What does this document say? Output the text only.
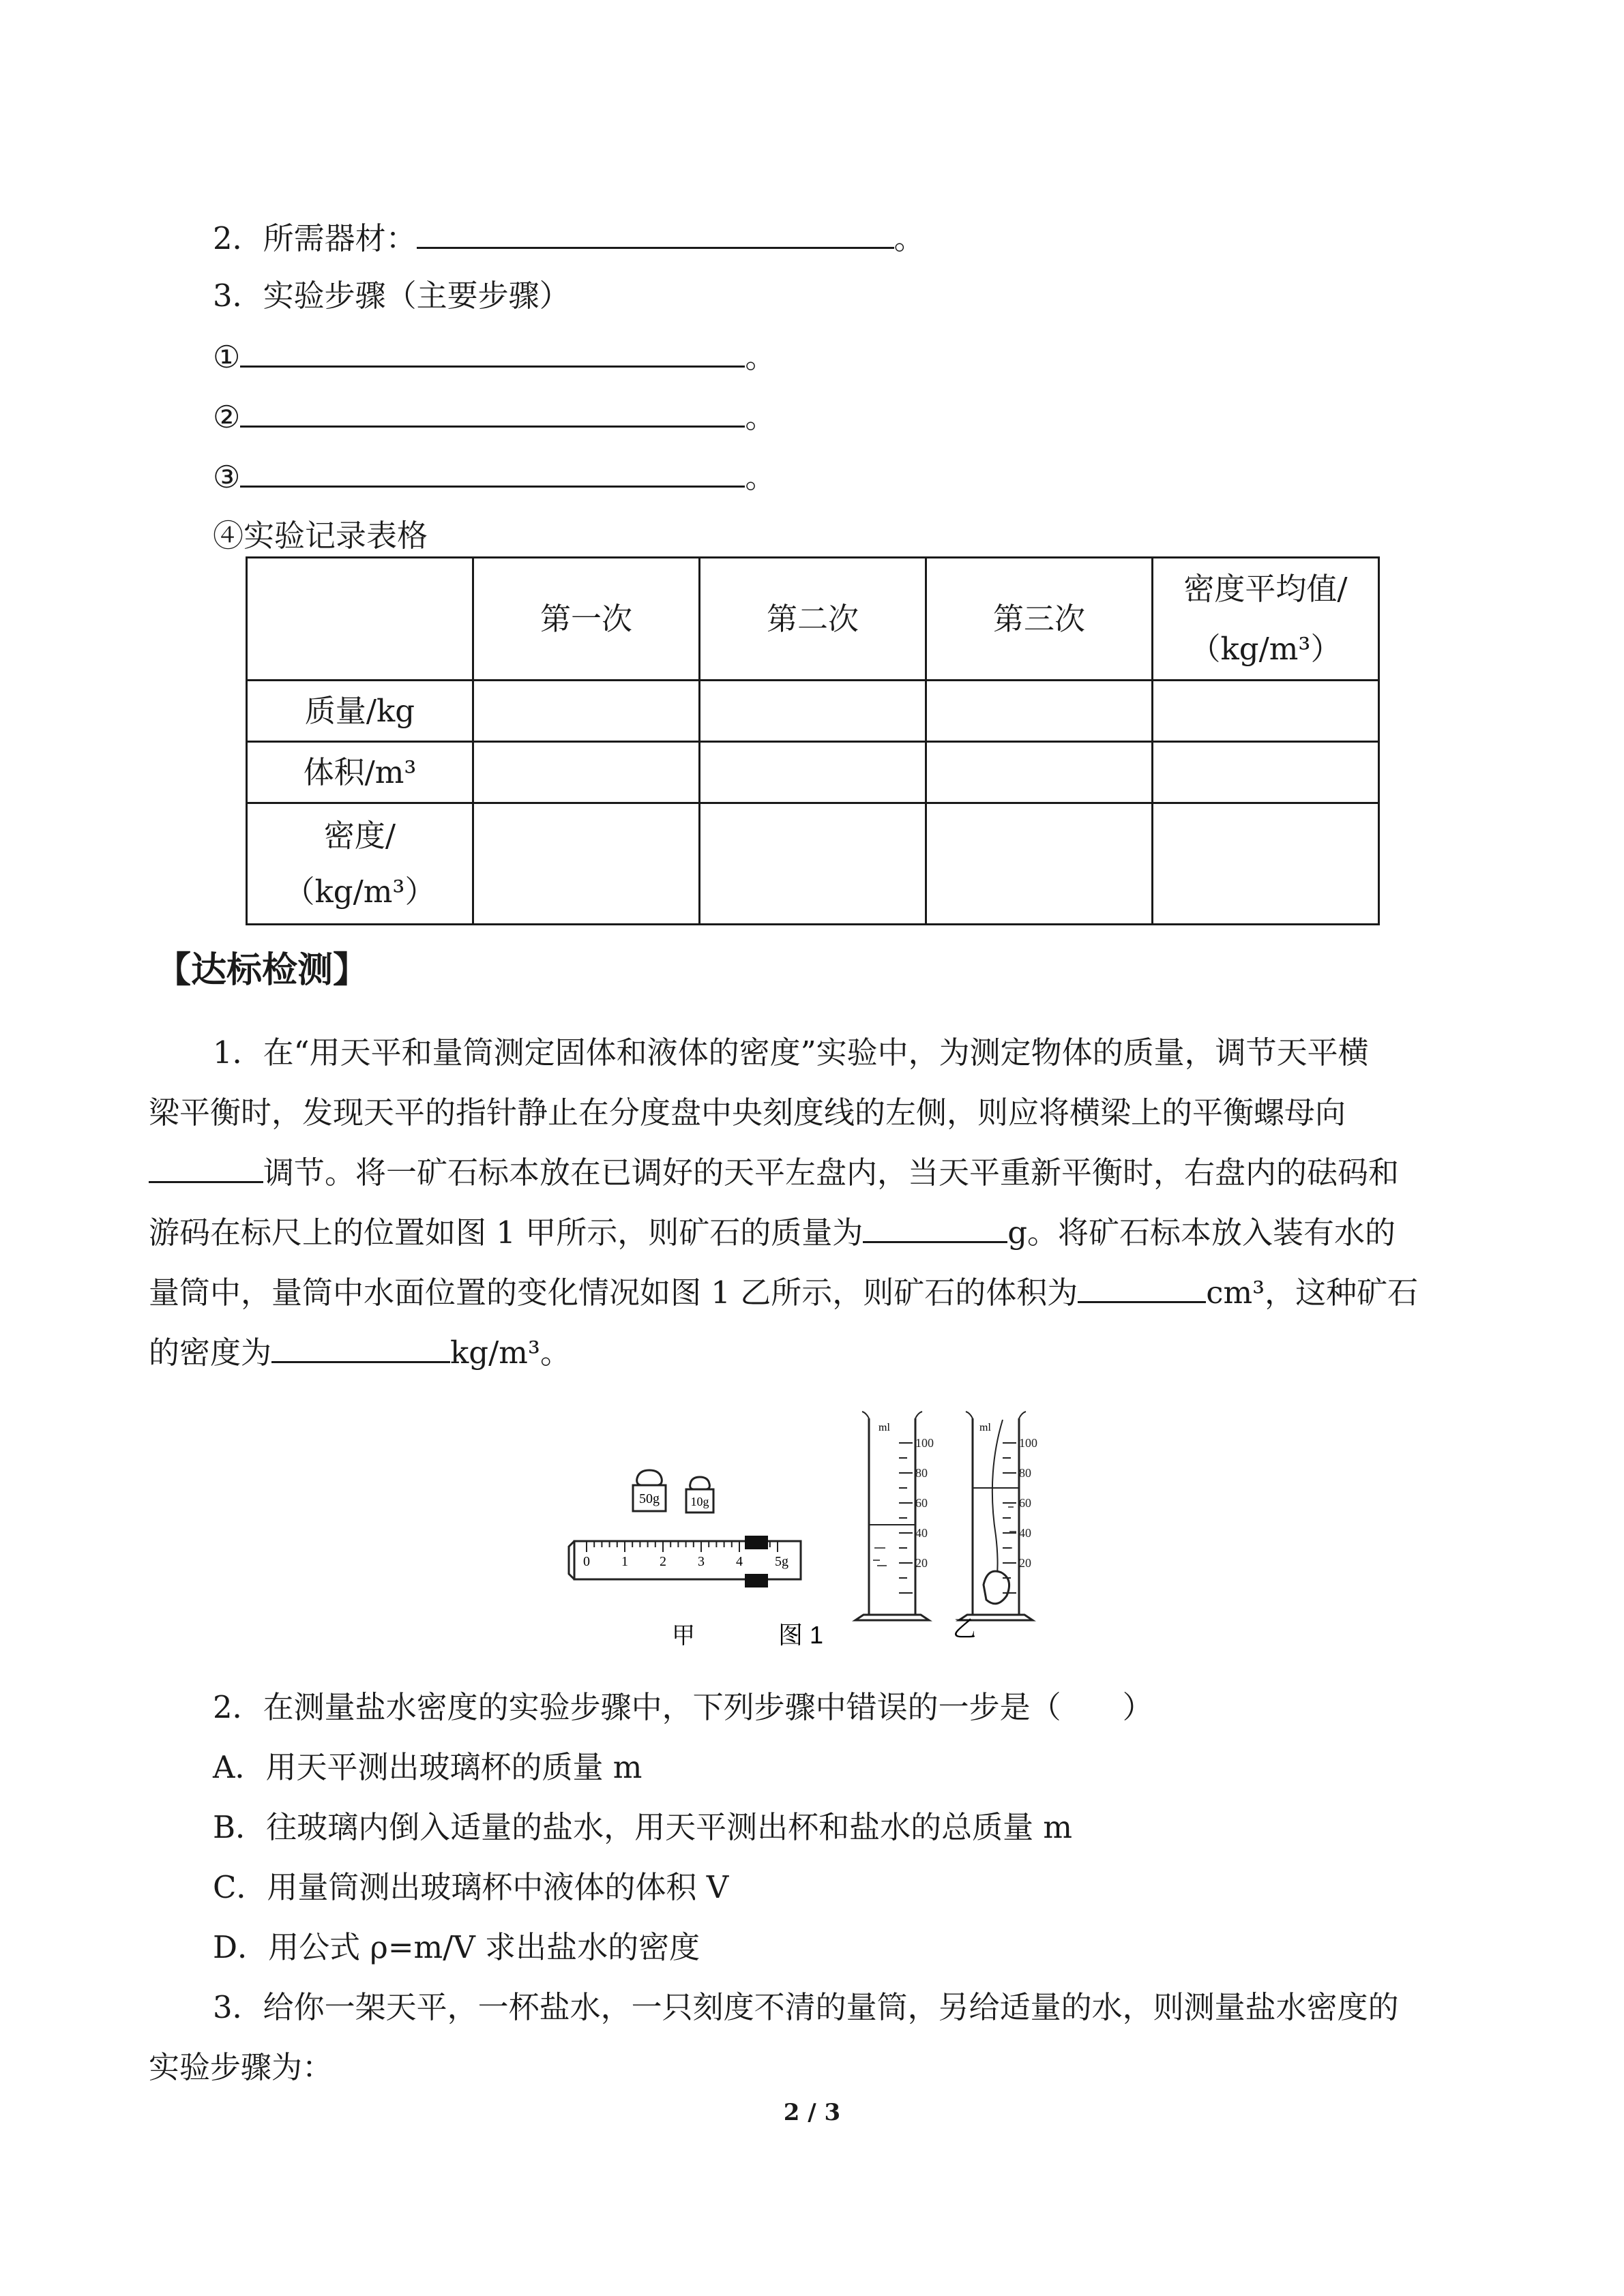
2．所需器材：	。
3．实验步骤（主要步骤）
①	。
②	。
③	。
④实验记录表格
	第一次	第二次	第三次	密度平均值/
（kg/m³）

质量/kg				
体积/m³				

密度/
（kg/m³）				

【达标检测】
1．在“用天平和量筒测定固体和液体的密度”实验中，为测定物体的质量，调节天平横
梁平衡时，发现天平的指针静止在分度盘中央刻度线的左侧，则应将横梁上的平衡螺母向
调节。将一矿石标本放在已调好的天平左盘内，当天平重新平衡时，右盘内的砝码和
游码在标尺上的位置如图 1 甲所示，则矿石的质量为	g。将矿石标本放入装有水的
量筒中，量筒中水面位置的变化情况如图 1 乙所示，则矿石的体积为	cm³，这种矿石
的密度为	kg/m³。
50g	10g
0 1 2 3 4 5g
ml
100
80
60
40
20
ml
100
80
60
40
20
甲	图 1	乙
2．在测量盐水密度的实验步骤中，下列步骤中错误的一步是（　　）
A．用天平测出玻璃杯的质量 m
B．往玻璃内倒入适量的盐水，用天平测出杯和盐水的总质量 m
C．用量筒测出玻璃杯中液体的体积 V
D．用公式 ρ=m/V 求出盐水的密度
3．给你一架天平，一杯盐水，一只刻度不清的量筒，另给适量的水，则测量盐水密度的
实验步骤为：
2 / 3
